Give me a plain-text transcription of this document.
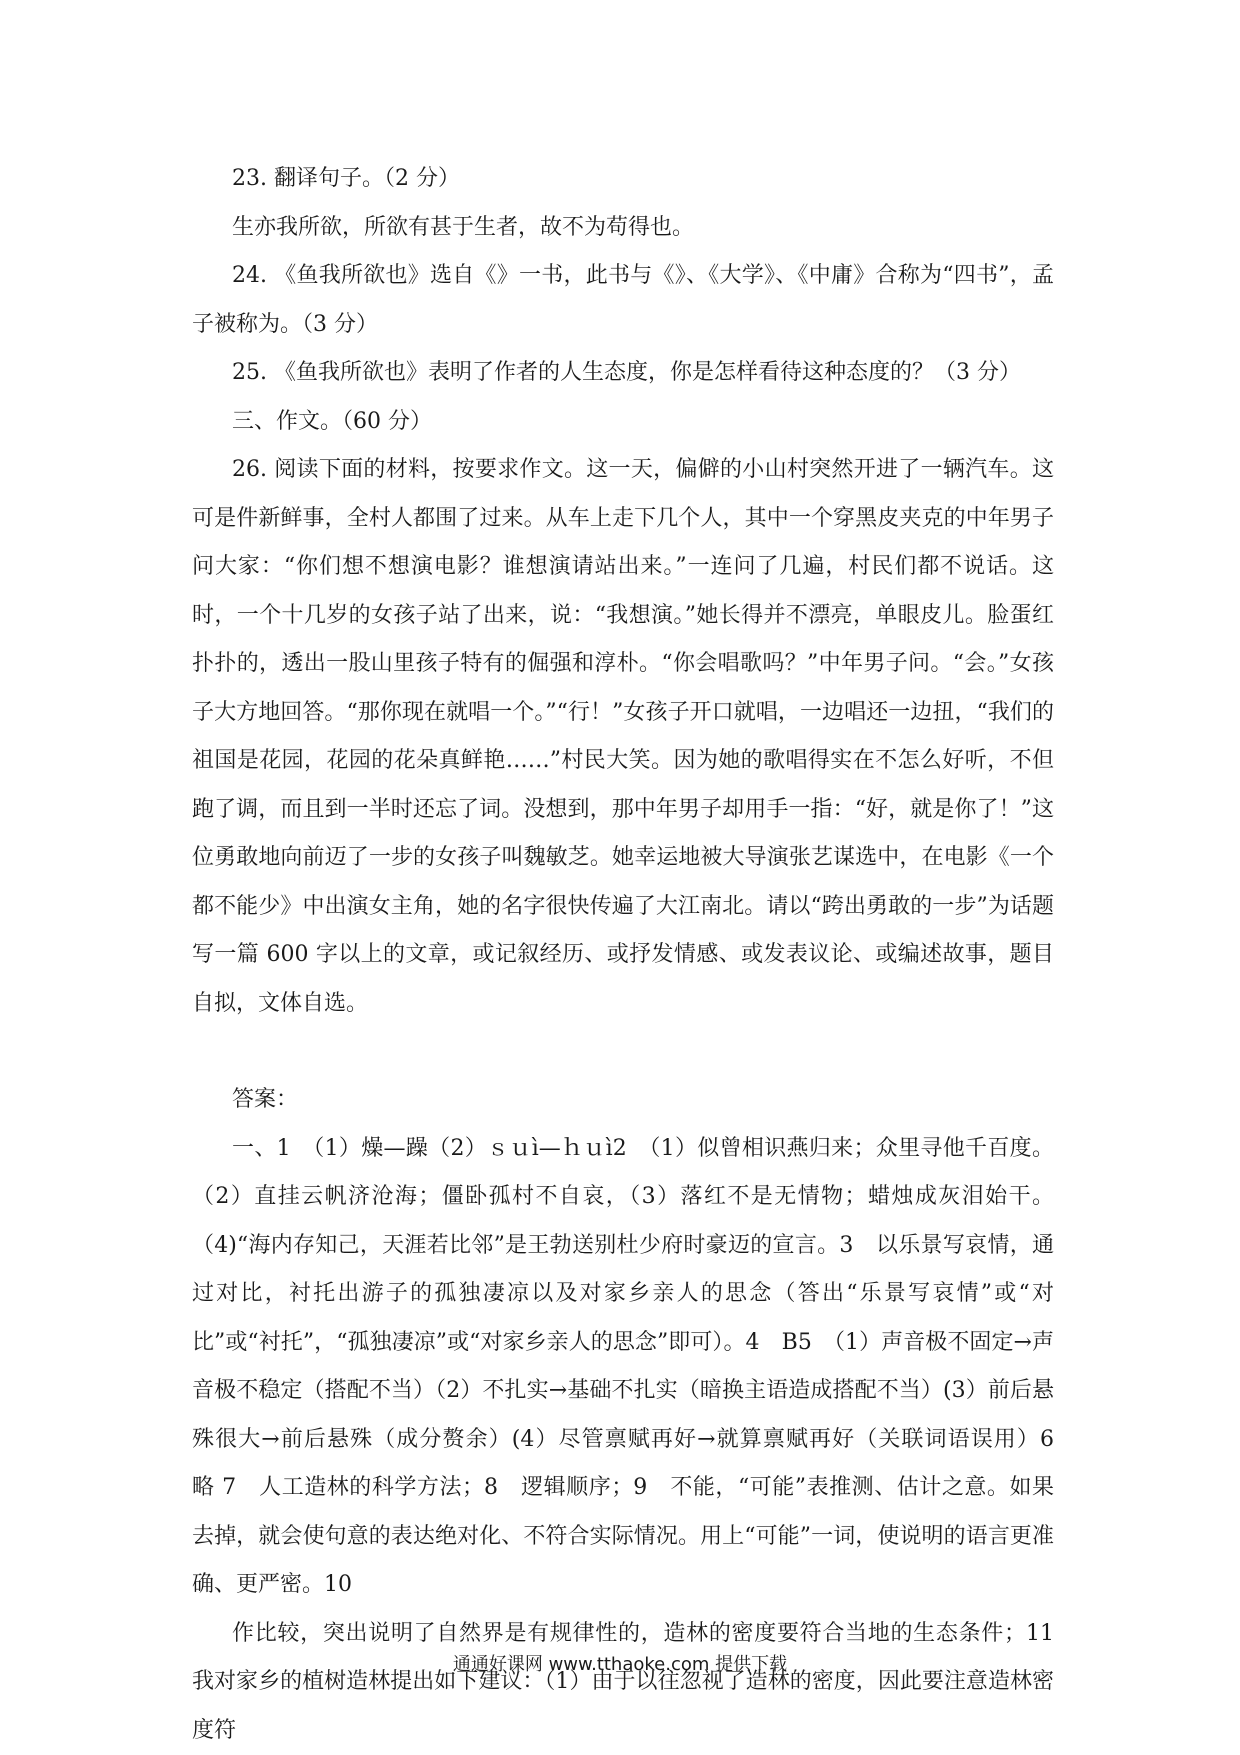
23. 翻译句子。（2 分）

生亦我所欲，所欲有甚于生者，故不为苟得也。

24. 《鱼我所欲也》选自《》一书，此书与《》、《大学》、《中庸》合称为“四书”，孟子被称为。（3 分）

25. 《鱼我所欲也》表明了作者的人生态度，你是怎样看待这种态度的？（3 分）

三、作文。（60 分）

26. 阅读下面的材料，按要求作文。这一天，偏僻的小山村突然开进了一辆汽车。这可是件新鲜事，全村人都围了过来。从车上走下几个人，其中一个穿黑皮夹克的中年男子问大家：“你们想不想演电影？谁想演请站出来。”一连问了几遍，村民们都不说话。这时，一个十几岁的女孩子站了出来，说：“我想演。”她长得并不漂亮，单眼皮儿。脸蛋红扑扑的，透出一股山里孩子特有的倔强和淳朴。“你会唱歌吗？”中年男子问。“会。”女孩子大方地回答。“那你现在就唱一个。”“行！”女孩子开口就唱，一边唱还一边扭，“我们的祖国是花园，花园的花朵真鲜艳……”村民大笑。因为她的歌唱得实在不怎么好听，不但跑了调，而且到一半时还忘了词。没想到，那中年男子却用手一指：“好，就是你了！”这位勇敢地向前迈了一步的女孩子叫魏敏芝。她幸运地被大导演张艺谋选中，在电影《一个都不能少》中出演女主角，她的名字很快传遍了大江南北。请以“跨出勇敢的一步”为话题写一篇 600 字以上的文章，或记叙经历、或抒发情感、或发表议论、或编述故事，题目自拟，文体自选。

答案：

一、1　（1）燥—躁（2）ｓｕì—ｈｕì2　（1）似曾相识燕归来；众里寻他千百度。（2）直挂云帆济沧海；僵卧孤村不自哀，（3）落红不是无情物；蜡烛成灰泪始干。（4)“海内存知己，天涯若比邻”是王勃送别杜少府时豪迈的宣言。3　以乐景写哀情，通过对比，衬托出游子的孤独凄凉以及对家乡亲人的思念（答出“乐景写哀情”或“对比”或“衬托”，“孤独凄凉”或“对家乡亲人的思念”即可）。4　B5　（1）声音极不固定→声音极不稳定（搭配不当）（2）不扎实→基础不扎实（暗换主语造成搭配不当）(3）前后悬殊很大→前后悬殊（成分赘余）(4）尽管禀赋再好→就算禀赋再好（关联词语误用）6　略 7　人工造林的科学方法；8　逻辑顺序；9　不能，“可能”表推测、估计之意。如果去掉，就会使句意的表达绝对化、不符合实际情况。用上“可能”一词，使说明的语言更准确、更严密。10

作比较，突出说明了自然界是有规律性的，造林的密度要符合当地的生态条件；11　我对家乡的植树造林提出如下建议：（1）由于以往忽视了造林的密度，因此要注意造林密度符

通通好课网 www.tthaoke.com 提供下载
